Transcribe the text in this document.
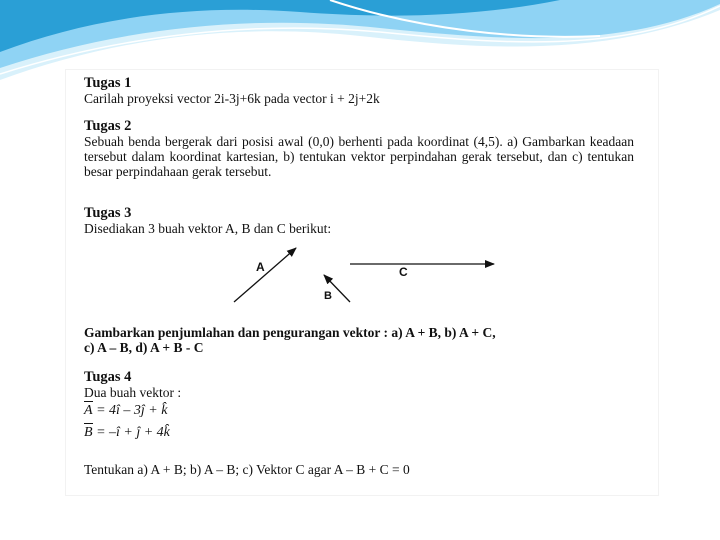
Tugas 1
Carilah proyeksi vector 2i-3j+6k pada vector i + 2j+2k
Tugas 2
Sebuah benda bergerak dari posisi awal (0,0) berhenti pada koordinat (4,5). a) Gambarkan keadaan tersebut dalam koordinat kartesian, b) tentukan vektor perpindahan gerak tersebut, dan c) tentukan besar perpindahaan gerak tersebut.
Tugas 3
Disediakan 3 buah vektor A, B dan C berikut:
A
B
C
Gambarkan penjumlahan dan pengurangan vektor : a) A + B, b) A + C,
c) A – B, d) A + B - C
Tugas 4
Dua buah vektor :
A = 4î – 3ĵ + k̂
B = –î + ĵ + 4k̂
Tentukan a) A + B; b) A – B; c) Vektor C agar A – B + C = 0
